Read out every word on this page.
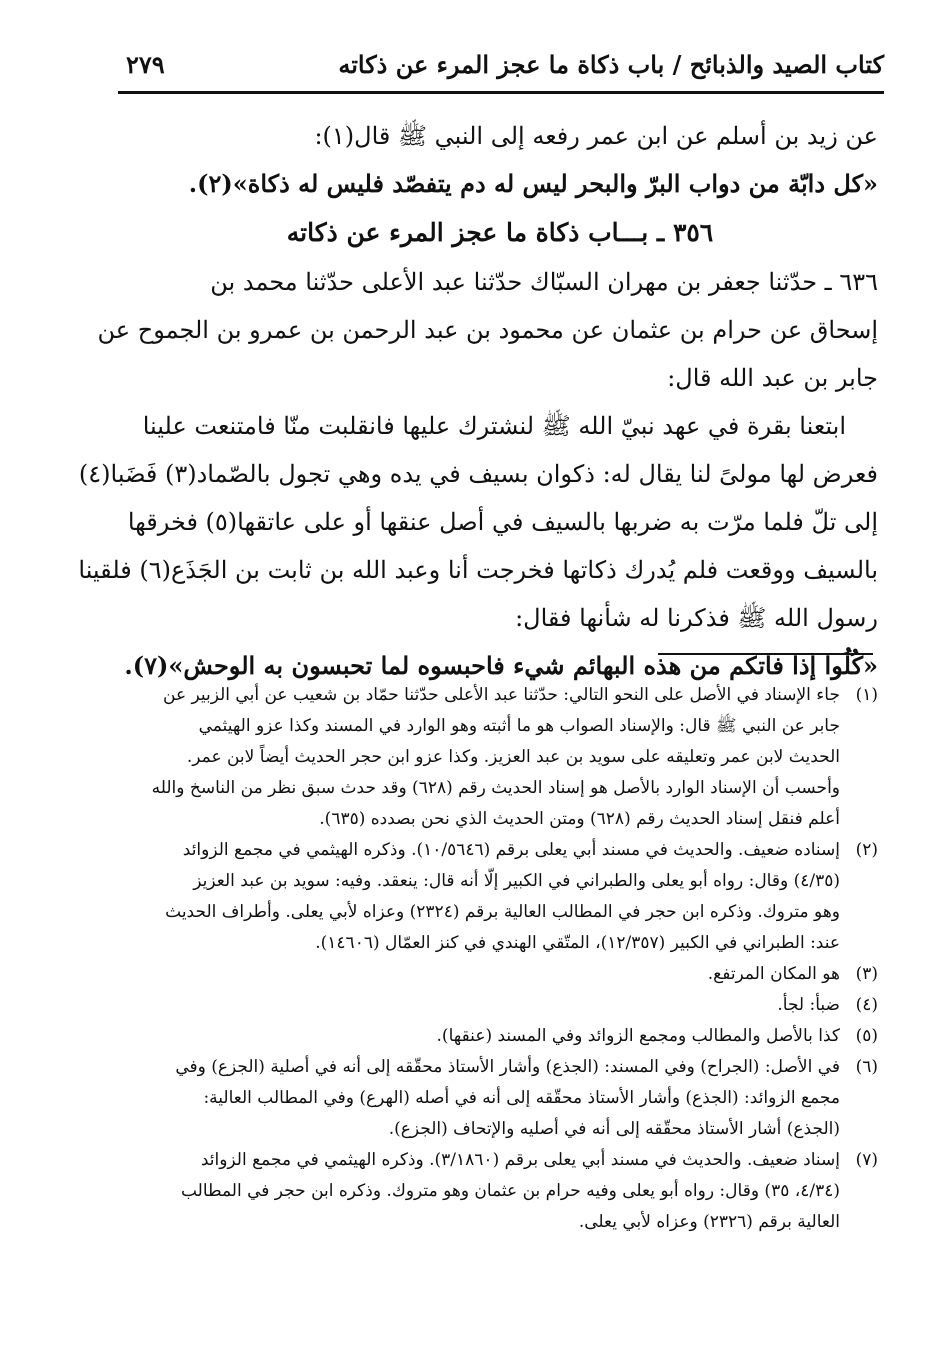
كتاب الصيد والذبائح / باب ذكاة ما عجز المرء عن ذكاته
٢٧٩
عن زيد بن أسلم عن ابن عمر رفعه إلى النبي ﷺ قال(١):
«كل دابّة من دواب البرّ والبحر ليس له دم يتفصّد فليس له ذكاة»(٢).
٣٥٦ ـ بـــاب ذكاة ما عجز المرء عن ذكاته
٦٣٦ ـ حدّثنا جعفر بن مهران السبّاك حدّثنا عبد الأعلى حدّثنا محمد بن
إسحاق عن حرام بن عثمان عن محمود بن عبد الرحمن بن عمرو بن الجموح عن
جابر بن عبد الله قال:
ابتعنا بقرة في عهد نبيّ الله ﷺ لنشترك عليها فانقلبت منّا فامتنعت علينا
فعرض لها مولىً لنا يقال له: ذكوان بسيف في يده وهي تجول بالصّماد(٣) فَضَبا(٤)
إلى تلّ فلما مرّت به ضربها بالسيف في أصل عنقها أو على عاتقها(٥) فخرقها
بالسيف ووقعت فلم يُدرك ذكاتها فخرجت أنا وعبد الله بن ثابت بن الجَذَع(٦) فلقينا
رسول الله ﷺ فذكرنا له شأنها فقال:
«كُلُوا إذا فاتكم من هذه البهائم شيء فاحبسوه لما تحبسون به الوحش»(٧).
(١)
جاء الإسناد في الأصل على النحو التالي: حدّثنا عبد الأعلى حدّثنا حمّاد بن شعيب عن أبي الزبير عن
جابر عن النبي ﷺ قال: والإسناد الصواب هو ما أثبته وهو الوارد في المسند وكذا عزو الهيثمي
الحديث لابن عمر وتعليقه على سويد بن عبد العزيز. وكذا عزو ابن حجر الحديث أيضاً لابن عمر.
وأحسب أن الإسناد الوارد بالأصل هو إسناد الحديث رقم (٦٢٨) وقد حدث سبق نظر من الناسخ والله
أعلم فنقل إسناد الحديث رقم (٦٢٨) ومتن الحديث الذي نحن بصدده (٦٣٥).
(٢)
إسناده ضعيف. والحديث في مسند أبي يعلى برقم (١٠/٥٦٤٦). وذكره الهيثمي في مجمع الزوائد
(٤/٣٥) وقال: رواه أبو يعلى والطبراني في الكبير إلّا أنه قال: ينعقد. وفيه: سويد بن عبد العزيز
وهو متروك. وذكره ابن حجر في المطالب العالية برقم (٢٣٢٤) وعزاه لأبي يعلى. وأطراف الحديث
عند: الطبراني في الكبير (١٢/٣٥٧)، المتّقي الهندي في كنز العمّال (١٤٦٠٦).
(٣)
هو المكان المرتفع.
(٤)
ضبأ: لجأ.
(٥)
كذا بالأصل والمطالب ومجمع الزوائد وفي المسند (عنقها).
(٦)
في الأصل: (الجراح) وفي المسند: (الجذع) وأشار الأستاذ محقّقه إلى أنه في أصلية (الجزع) وفي
مجمع الزوائد: (الجذع) وأشار الأستاذ محقّقه إلى أنه في أصله (الهرع) وفي المطالب العالية:
(الجذع) أشار الأستاذ محقّقه إلى أنه في أصليه والإتحاف (الجزع).
(٧)
إسناد ضعيف. والحديث في مسند أبي يعلى برقم (٣/١٨٦٠). وذكره الهيثمي في مجمع الزوائد
(٤/٣٤، ٣٥) وقال: رواه أبو يعلى وفيه حرام بن عثمان وهو متروك. وذكره ابن حجر في المطالب
العالية برقم (٢٣٢٦) وعزاه لأبي يعلى.
